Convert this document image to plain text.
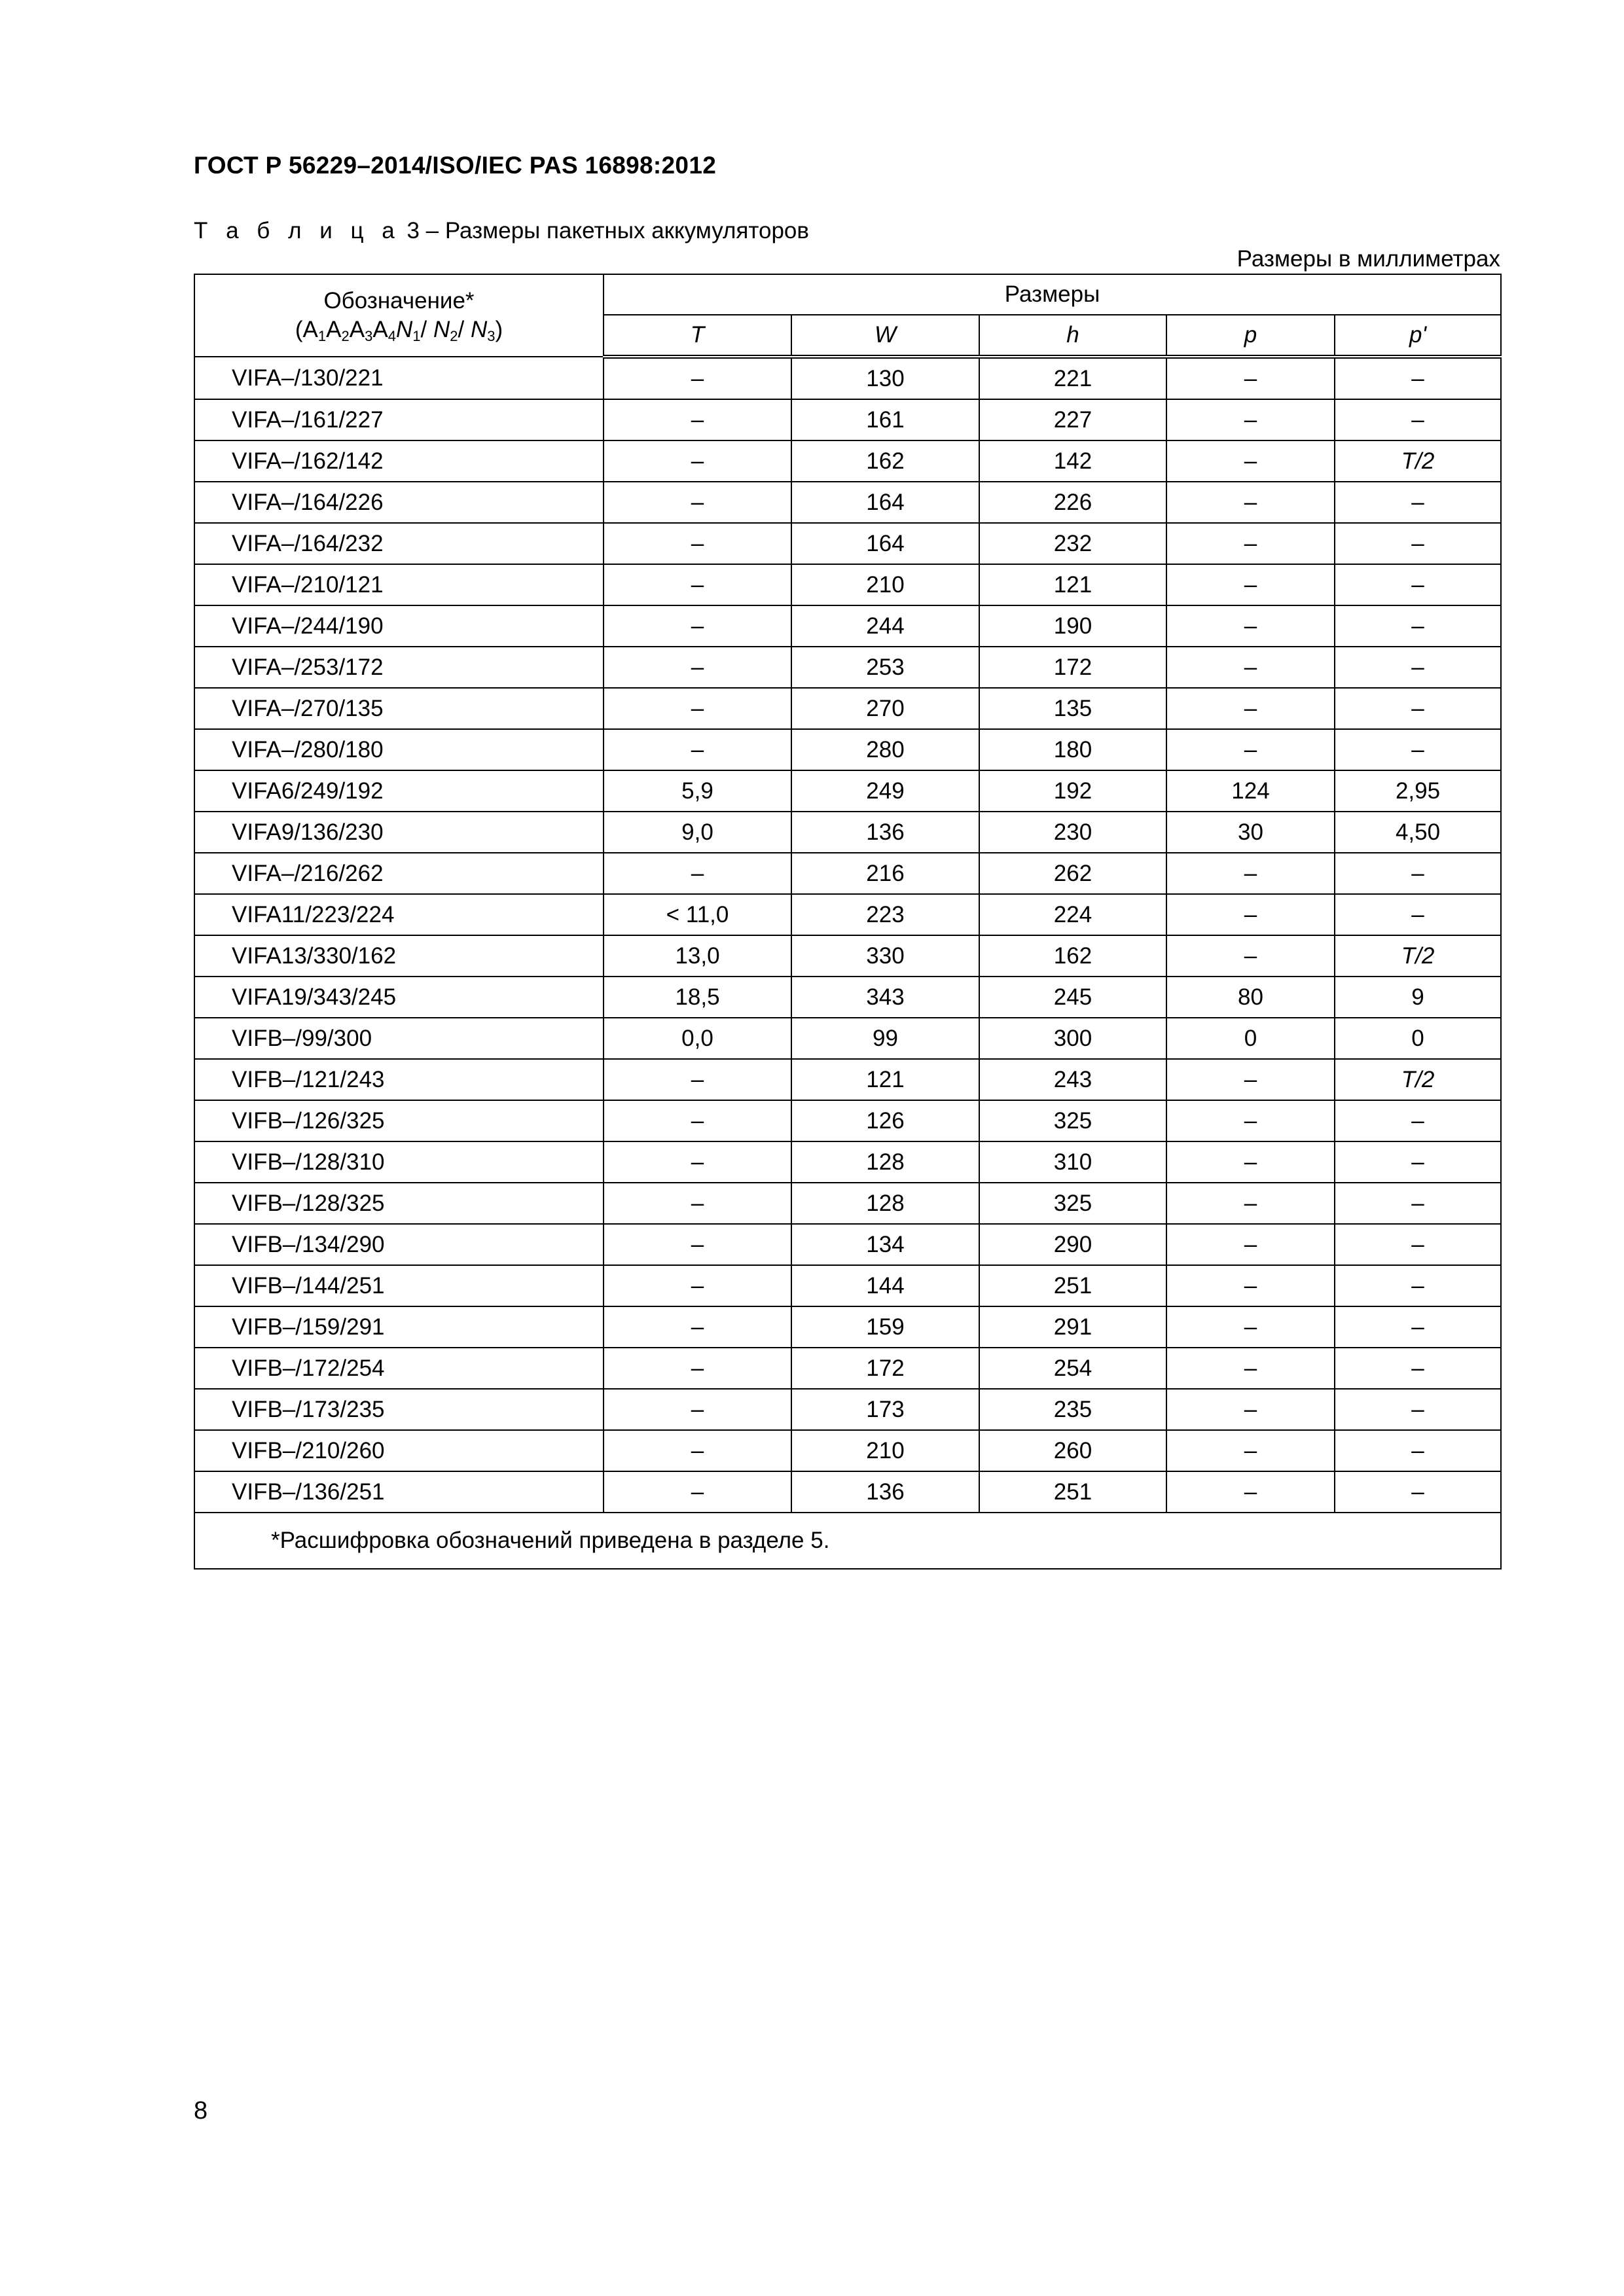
ГОСТ Р 56229–2014/ISO/IEC PAS 16898:2012
Т а б л и ц а 3 – Размеры пакетных аккумуляторов
Размеры в миллиметрах
Обозначение*
($A_1A_2A_3A_4N_1/$ $N_2/$ $N_3$)	Размеры				
	T	W	h	p	p'
VIFA–/130/221	–	130	221	–	–
VIFA–/161/227	–	161	227	–	–
VIFA–/162/142	–	162	142	–	T/2
VIFA–/164/226	–	164	226	–	–
VIFA–/164/232	–	164	232	–	–
VIFA–/210/121	–	210	121	–	–
VIFA–/244/190	–	244	190	–	–
VIFA–/253/172	–	253	172	–	–
VIFA–/270/135	–	270	135	–	–
VIFA–/280/180	–	280	180	–	–
VIFA6/249/192	5,9	249	192	124	2,95
VIFA9/136/230	9,0	136	230	30	4,50
VIFA–/216/262	–	216	262	–	–
VIFA11/223/224	< 11,0	223	224	–	–
VIFA13/330/162	13,0	330	162	–	T/2
VIFA19/343/245	18,5	343	245	80	9
VIFB–/99/300	0,0	99	300	0	0
VIFB–/121/243	–	121	243	–	T/2
VIFB–/126/325	–	126	325	–	–
VIFB–/128/310	–	128	310	–	–
VIFB–/128/325	–	128	325	–	–
VIFB–/134/290	–	134	290	–	–
VIFB–/144/251	–	144	251	–	–
VIFB–/159/291	–	159	291	–	–
VIFB–/172/254	–	172	254	–	–
VIFB–/173/235	–	173	235	–	–
VIFB–/210/260	–	210	260	–	–
VIFB–/136/251	–	136	251	–	–
*Расшифровка обозначений приведена в разделе 5.					
8
